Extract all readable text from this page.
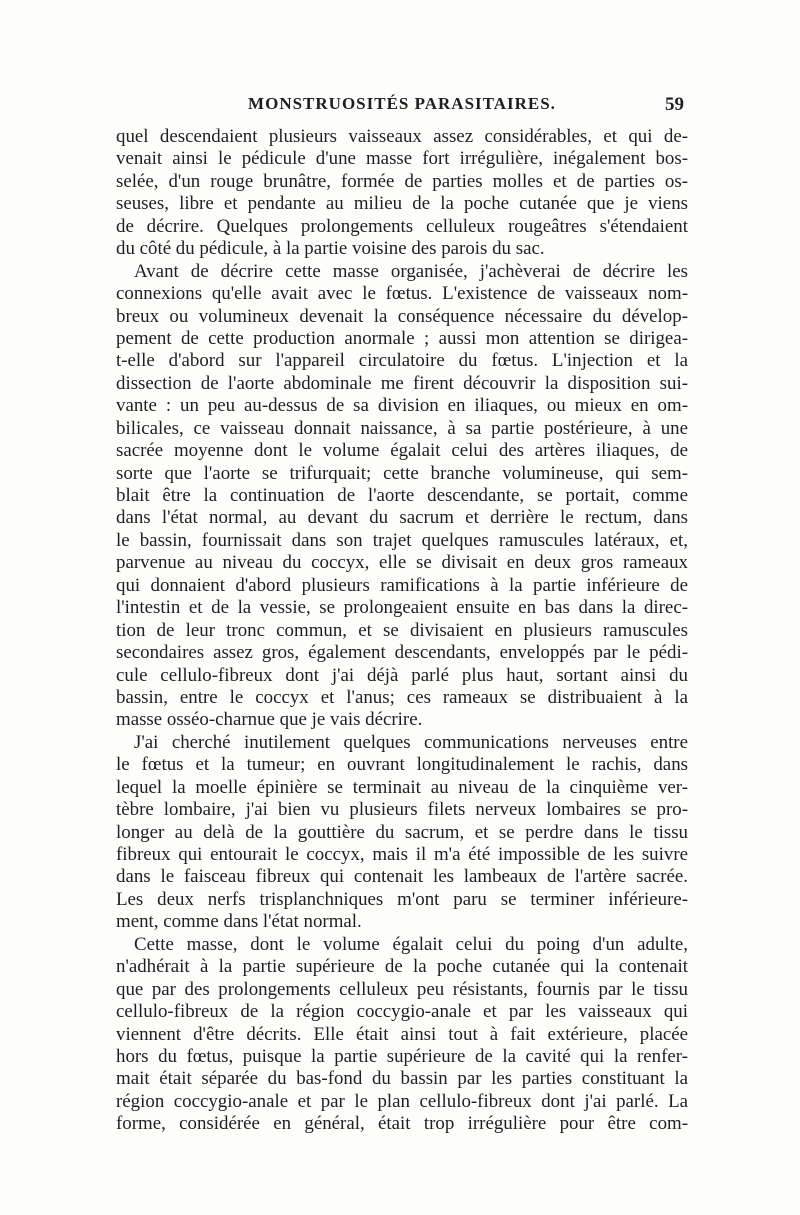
MONSTRUOSITÉS PARASITAIRES.	59
quel descendaient plusieurs vaisseaux assez considérables, et qui de-
venait ainsi le pédicule d'une masse fort irrégulière, inégalement bos-
selée, d'un rouge brunâtre, formée de parties molles et de parties os-
seuses, libre et pendante au milieu de la poche cutanée que je viens
de décrire. Quelques prolongements celluleux rougeâtres s'étendaient
du côté du pédicule, à la partie voisine des parois du sac.
Avant de décrire cette masse organisée, j'achèverai de décrire les
connexions qu'elle avait avec le fœtus. L'existence de vaisseaux nom-
breux ou volumineux devenait la conséquence nécessaire du dévelop-
pement de cette production anormale ; aussi mon attention se dirigea-
t-elle d'abord sur l'appareil circulatoire du fœtus. L'injection et la
dissection de l'aorte abdominale me firent découvrir la disposition sui-
vante : un peu au-dessus de sa division en iliaques, ou mieux en om-
bilicales, ce vaisseau donnait naissance, à sa partie postérieure, à une
sacrée moyenne dont le volume égalait celui des artères iliaques, de
sorte que l'aorte se trifurquait; cette branche volumineuse, qui sem-
blait être la continuation de l'aorte descendante, se portait, comme
dans l'état normal, au devant du sacrum et derrière le rectum, dans
le bassin, fournissait dans son trajet quelques ramuscules latéraux, et,
parvenue au niveau du coccyx, elle se divisait en deux gros rameaux
qui donnaient d'abord plusieurs ramifications à la partie inférieure de
l'intestin et de la vessie, se prolongeaient ensuite en bas dans la direc-
tion de leur tronc commun, et se divisaient en plusieurs ramuscules
secondaires assez gros, également descendants, enveloppés par le pédi-
cule cellulo-fibreux dont j'ai déjà parlé plus haut, sortant ainsi du
bassin, entre le coccyx et l'anus; ces rameaux se distribuaient à la
masse osséo-charnue que je vais décrire.
J'ai cherché inutilement quelques communications nerveuses entre
le fœtus et la tumeur; en ouvrant longitudinalement le rachis, dans
lequel la moelle épinière se terminait au niveau de la cinquième ver-
tèbre lombaire, j'ai bien vu plusieurs filets nerveux lombaires se pro-
longer au delà de la gouttière du sacrum, et se perdre dans le tissu
fibreux qui entourait le coccyx, mais il m'a été impossible de les suivre
dans le faisceau fibreux qui contenait les lambeaux de l'artère sacrée.
Les deux nerfs trisplanchniques m'ont paru se terminer inférieure-
ment, comme dans l'état normal.
Cette masse, dont le volume égalait celui du poing d'un adulte,
n'adhérait à la partie supérieure de la poche cutanée qui la contenait
que par des prolongements celluleux peu résistants, fournis par le tissu
cellulo-fibreux de la région coccygio-anale et par les vaisseaux qui
viennent d'être décrits. Elle était ainsi tout à fait extérieure, placée
hors du fœtus, puisque la partie supérieure de la cavité qui la renfer-
mait était séparée du bas-fond du bassin par les parties constituant la
région coccygio-anale et par le plan cellulo-fibreux dont j'ai parlé. La
forme, considérée en général, était trop irrégulière pour être com-
